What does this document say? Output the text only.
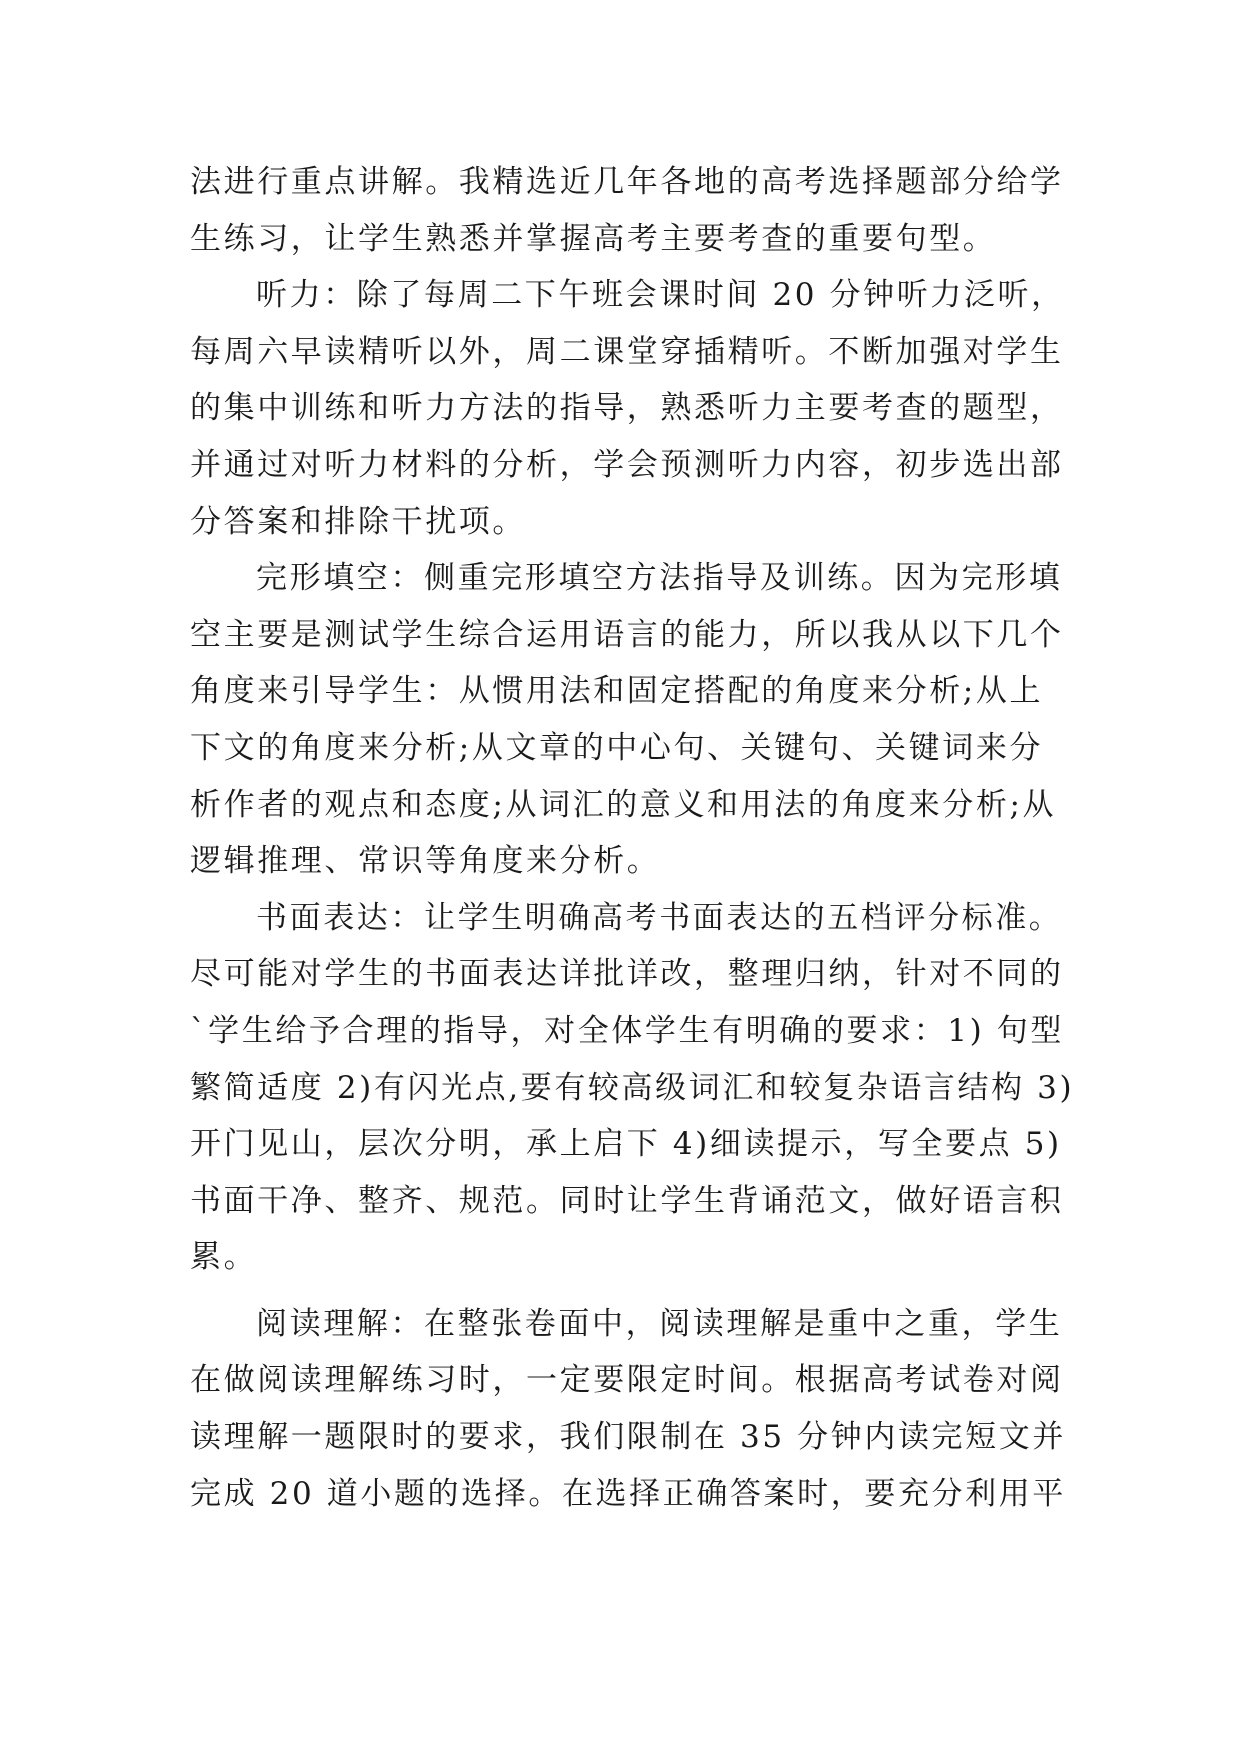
法进行重点讲解。我精选近几年各地的高考选择题部分给学
生练习，让学生熟悉并掌握高考主要考查的重要句型。
听力：除了每周二下午班会课时间 20 分钟听力泛听，
每周六早读精听以外，周二课堂穿插精听。不断加强对学生
的集中训练和听力方法的指导，熟悉听力主要考查的题型，
并通过对听力材料的分析，学会预测听力内容，初步选出部
分答案和排除干扰项。
完形填空：侧重完形填空方法指导及训练。因为完形填
空主要是测试学生综合运用语言的能力，所以我从以下几个
角度来引导学生：从惯用法和固定搭配的角度来分析;从上
下文的角度来分析;从文章的中心句、关键句、关键词来分
析作者的观点和态度;从词汇的意义和用法的角度来分析;从
逻辑推理、常识等角度来分析。
书面表达：让学生明确高考书面表达的五档评分标准。
尽可能对学生的书面表达详批详改，整理归纳，针对不同的
`学生给予合理的指导，对全体学生有明确的要求：1) 句型
繁简适度 2)有闪光点,要有较高级词汇和较复杂语言结构 3)
开门见山，层次分明，承上启下 4)细读提示，写全要点 5)
书面干净、整齐、规范。同时让学生背诵范文，做好语言积
累。
阅读理解：在整张卷面中，阅读理解是重中之重，学生
在做阅读理解练习时，一定要限定时间。根据高考试卷对阅
读理解一题限时的要求，我们限制在 35 分钟内读完短文并
完成 20 道小题的选择。在选择正确答案时，要充分利用平
